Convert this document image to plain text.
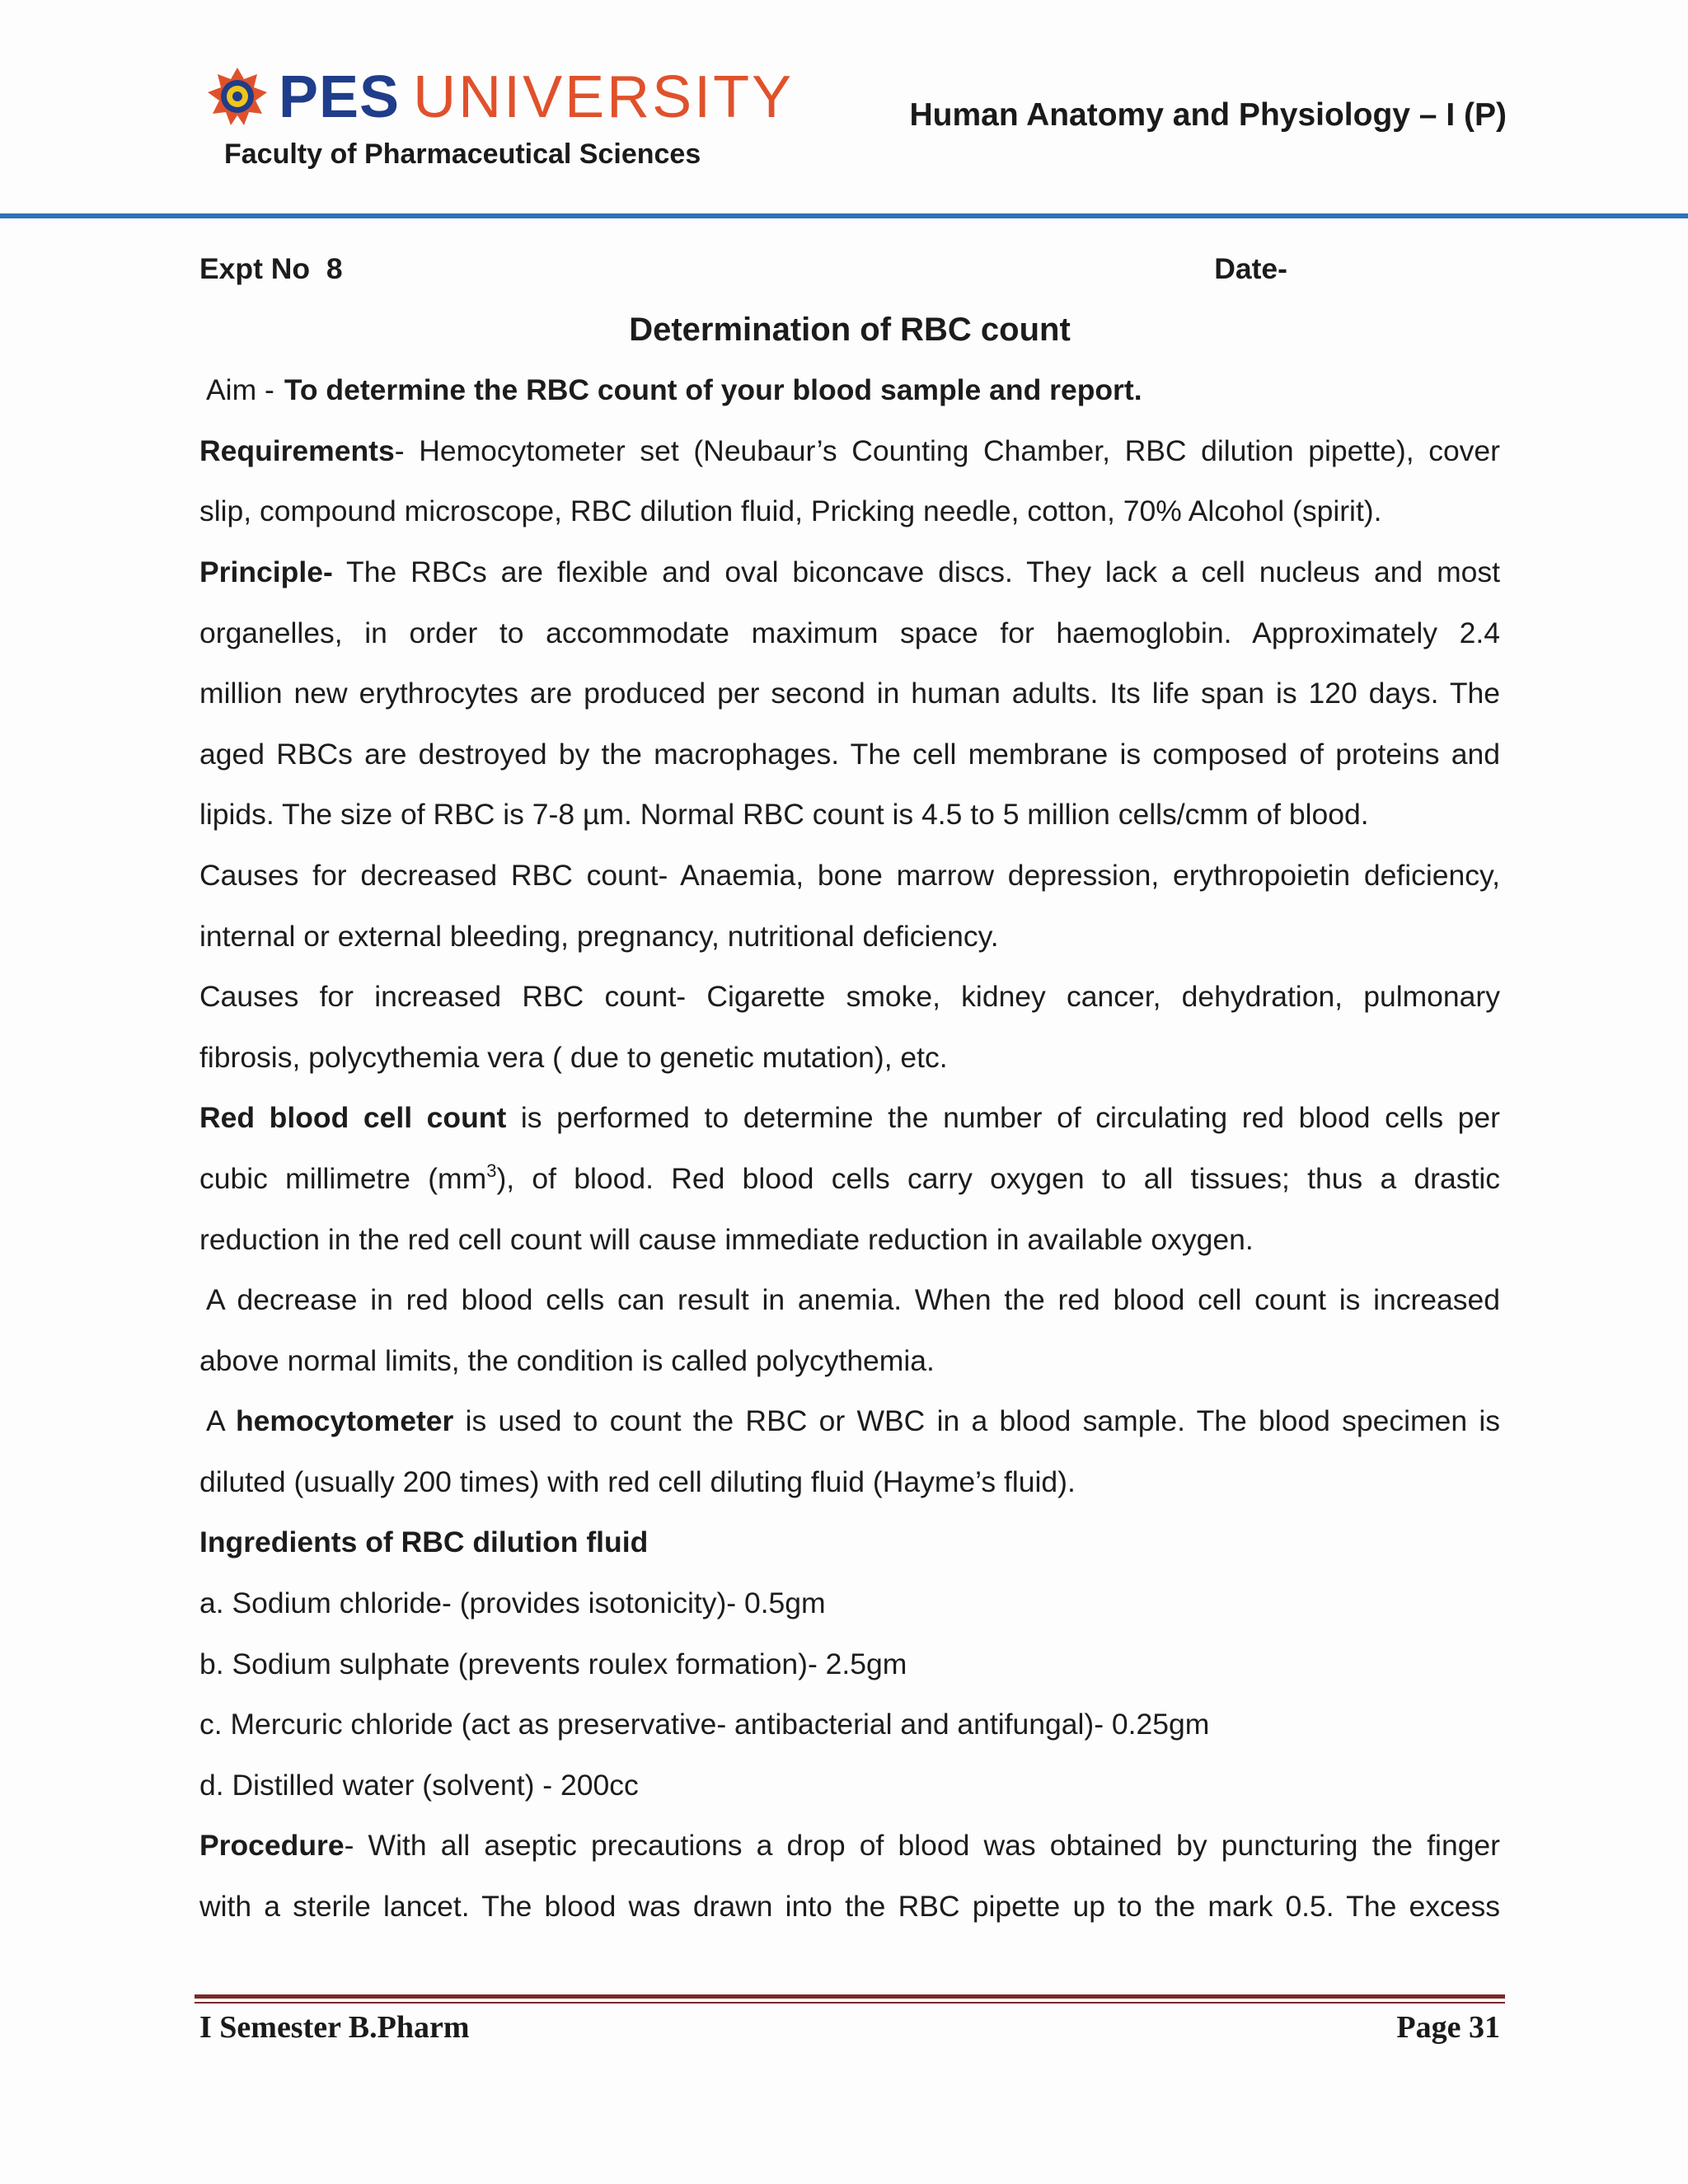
PES UNIVERSITY
Faculty of Pharmaceutical Sciences
Human Anatomy and Physiology – I (P)
Expt No  8	Date-
Determination of RBC count
Aim - To determine the RBC count of your blood sample and report.
Requirements- Hemocytometer set (Neubaur’s Counting Chamber, RBC dilution pipette), cover
slip, compound microscope, RBC dilution fluid, Pricking needle, cotton, 70% Alcohol (spirit).
Principle- The RBCs are flexible and oval biconcave discs. They lack a cell nucleus and most
organelles, in order to accommodate maximum space for haemoglobin. Approximately 2.4
million new erythrocytes are produced per second in human adults. Its life span is 120 days. The
aged RBCs are destroyed by the macrophages. The cell membrane is composed of proteins and
lipids. The size of RBC is 7-8 µm. Normal RBC count is 4.5 to 5 million cells/cmm of blood.
Causes for decreased RBC count- Anaemia, bone marrow depression, erythropoietin deficiency,
internal or external bleeding, pregnancy, nutritional deficiency.
Causes for increased RBC count- Cigarette smoke, kidney cancer, dehydration, pulmonary
fibrosis, polycythemia vera ( due to genetic mutation), etc.
Red blood cell count is performed to determine the number of circulating red blood cells per
cubic millimetre $(mm^3)$, of blood. Red blood cells carry oxygen to all tissues; thus a drastic
reduction in the red cell count will cause immediate reduction in available oxygen.
A decrease in red blood cells can result in anemia. When the red blood cell count is increased
above normal limits, the condition is called polycythemia.
A hemocytometer is used to count the RBC or WBC in a blood sample. The blood specimen is
diluted (usually 200 times) with red cell diluting fluid (Hayme’s fluid).
Ingredients of RBC dilution fluid
a. Sodium chloride- (provides isotonicity)- 0.5gm
b. Sodium sulphate (prevents roulex formation)- 2.5gm
c. Mercuric chloride (act as preservative- antibacterial and antifungal)- 0.25gm
d. Distilled water (solvent) - 200cc
Procedure- With all aseptic precautions a drop of blood was obtained by puncturing the finger
with a sterile lancet. The blood was drawn into the RBC pipette up to the mark 0.5. The excess
I Semester B.Pharm	Page 31
